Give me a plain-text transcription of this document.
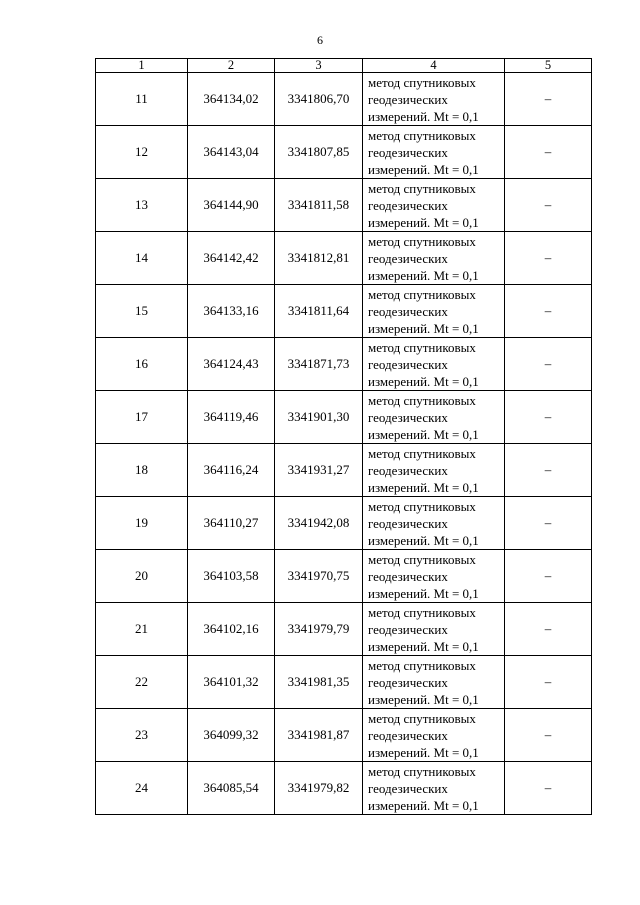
6
1	2	3	4	5
11	364134,02	3341806,70	метод спутниковых
геодезических
измерений. Mt = 0,1	–
12	364143,04	3341807,85	метод спутниковых
геодезических
измерений. Mt = 0,1	–
13	364144,90	3341811,58	метод спутниковых
геодезических
измерений. Mt = 0,1	–
14	364142,42	3341812,81	метод спутниковых
геодезических
измерений. Mt = 0,1	–
15	364133,16	3341811,64	метод спутниковых
геодезических
измерений. Mt = 0,1	–
16	364124,43	3341871,73	метод спутниковых
геодезических
измерений. Mt = 0,1	–
17	364119,46	3341901,30	метод спутниковых
геодезических
измерений. Mt = 0,1	–
18	364116,24	3341931,27	метод спутниковых
геодезических
измерений. Mt = 0,1	–
19	364110,27	3341942,08	метод спутниковых
геодезических
измерений. Mt = 0,1	–
20	364103,58	3341970,75	метод спутниковых
геодезических
измерений. Mt = 0,1	–
21	364102,16	3341979,79	метод спутниковых
геодезических
измерений. Mt = 0,1	–
22	364101,32	3341981,35	метод спутниковых
геодезических
измерений. Mt = 0,1	–
23	364099,32	3341981,87	метод спутниковых
геодезических
измерений. Mt = 0,1	–
24	364085,54	3341979,82	метод спутниковых
геодезических
измерений. Mt = 0,1	–
